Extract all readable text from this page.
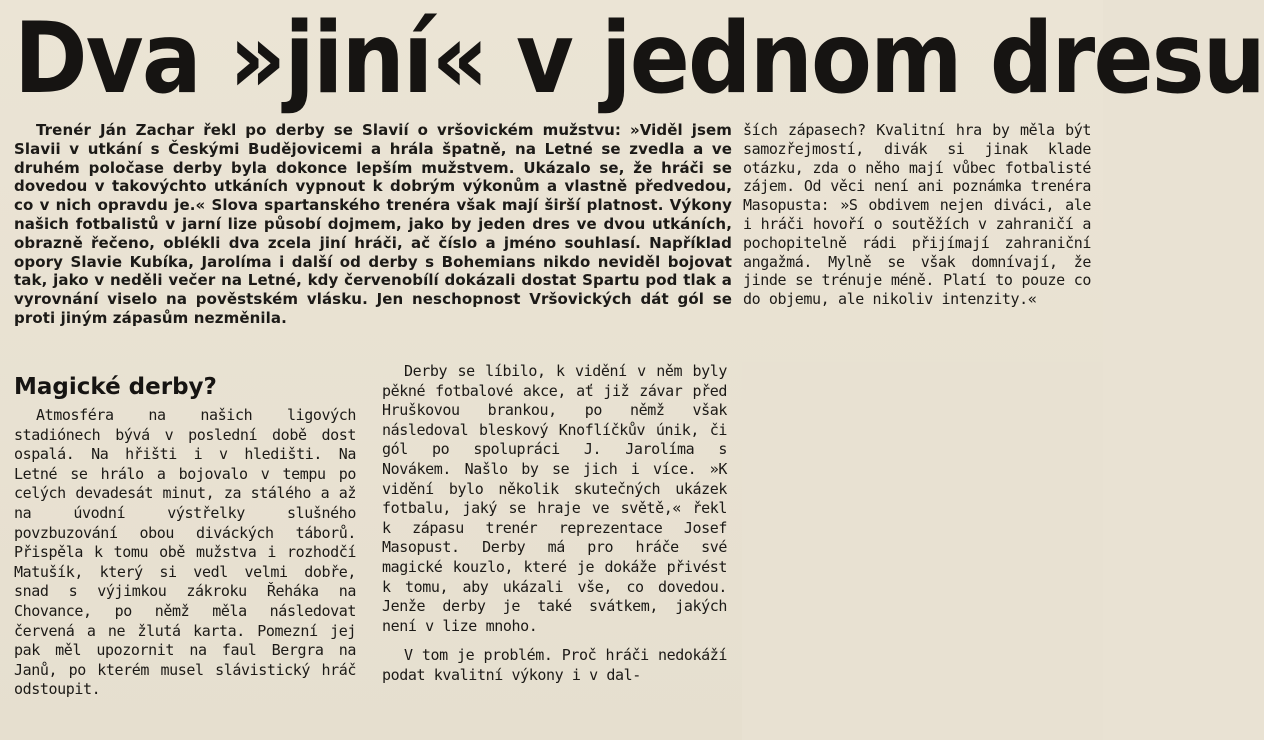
Dva »jiní« v jednom dresu

Trenér Ján Zachar řekl po derby se Slavií o vršovickém mužstvu: »Viděl jsem Slavii v utkání s Českými Budějovicemi a hrála špatně, na Letné se zvedla a ve druhém poločase derby byla dokonce lepším mužstvem. Ukázalo se, že hráči se dovedou v takovýchto utkáních vypnout k dobrým výkonům a vlastně předvedou, co v nich opravdu je.« Slova spartanského trenéra však mají širší platnost. Výkony našich fotbalistů v jarní lize působí dojmem, jako by jeden dres ve dvou utkáních, obrazně řečeno, oblékli dva zcela jiní hráči, ač číslo a jméno souhlasí. Například opory Slavie Kubíka, Jarolíma i další od derby s Bohemians nikdo neviděl bojovat tak, jako v neděli večer na Letné, kdy červenobílí dokázali dostat Spartu pod tlak a vyrovnání viselo na pověstském vlásku. Jen neschopnost Vršovických dát gól se proti jiným zápasům nezměnila.

ších zápasech? Kvalitní hra by měla být samozřejmostí, divák si jinak klade otázku, zda o něho mají vůbec fotbalisté zájem. Od věci není ani poznámka trenéra Masopusta: »S obdivem nejen diváci, ale i hráči hovoří o soutěžích v zahraničí a pochopitelně rádi přijímají zahraniční angažmá. Mylně se však domnívají, že jinde se trénuje méně. Platí to pouze co do objemu, ale nikoliv intenzity.«

Magické derby?

Atmosféra na našich ligových stadiónech bývá v poslední době dost ospalá. Na hřišti i v hledišti. Na Letné se hrálo a bojovalo v tempu po celých devadesát minut, za stálého a až na úvodní výstřelky slušného povzbuzování obou diváckých táborů. Přispěla k tomu obě mužstva i rozhodčí Matušík, který si vedl velmi dobře, snad s výjimkou zákroku Řeháka na Chovance, po němž měla následovat červená a ne žlutá karta. Pomezní jej pak měl upozornit na faul Bergra na Janů, po kterém musel slávistický hráč odstoupit.

Derby se líbilo, k vidění v něm byly pěkné fotbalové akce, ať již závar před Hruškovou brankou, po němž však následoval bleskový Knoflíčkův únik, či gól po spolupráci J. Jarolíma s Novákem. Našlo by se jich i více. »K vidění bylo několik skutečných ukázek fotbalu, jaký se hraje ve světě,« řekl k zápasu trenér reprezentace Josef Masopust. Derby má pro hráče své magické kouzlo, které je dokáže přivést k tomu, aby ukázali vše, co dovedou. Jenže derby je také svátkem, jakých není v lize mnoho.

V tom je problém. Proč hráči nedokáží podat kvalitní výkony i v dal-
